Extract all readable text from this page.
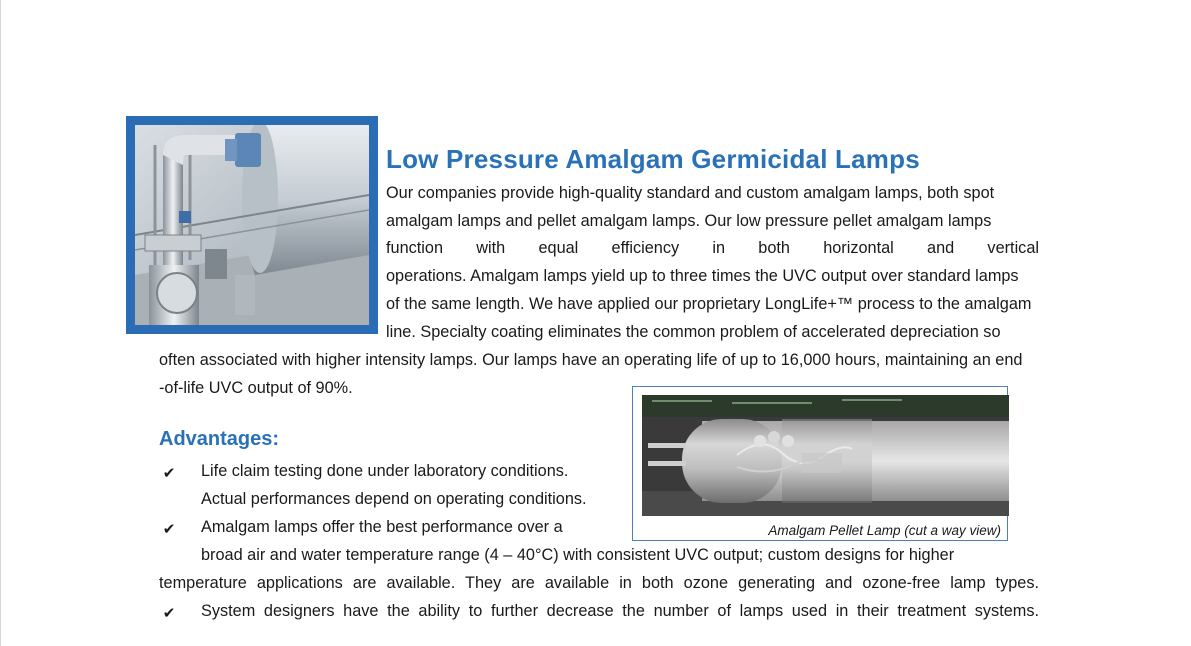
Low Pressure Amalgam Germicidal Lamps
Our companies provide high-quality standard and custom amalgam lamps, both spot
amalgam lamps and pellet amalgam lamps. Our low pressure pellet amalgam lamps
function with equal efficiency in both horizontal and vertical
operations. Amalgam lamps yield up to three times the UVC output over standard lamps
of the same length. We have applied our proprietary LongLife+™ process to the amalgam
line. Specialty coating eliminates the common problem of accelerated depreciation so
often associated with higher intensity lamps. Our lamps have an operating life of up to 16,000 hours, maintaining an end
-of-life UVC output of 90%.
Amalgam Pellet Lamp (cut a way view)
Advantages:
✔ Life claim testing done under laboratory conditions.
Actual performances depend on operating conditions.
✔ Amalgam lamps offer the best performance over a
broad air and water temperature range (4 – 40°C) with consistent UVC output; custom designs for higher
temperature applications are available. They are available in both ozone generating and ozone-free lamp types.
✔ System designers have the ability to further decrease the number of lamps used in their treatment systems.
